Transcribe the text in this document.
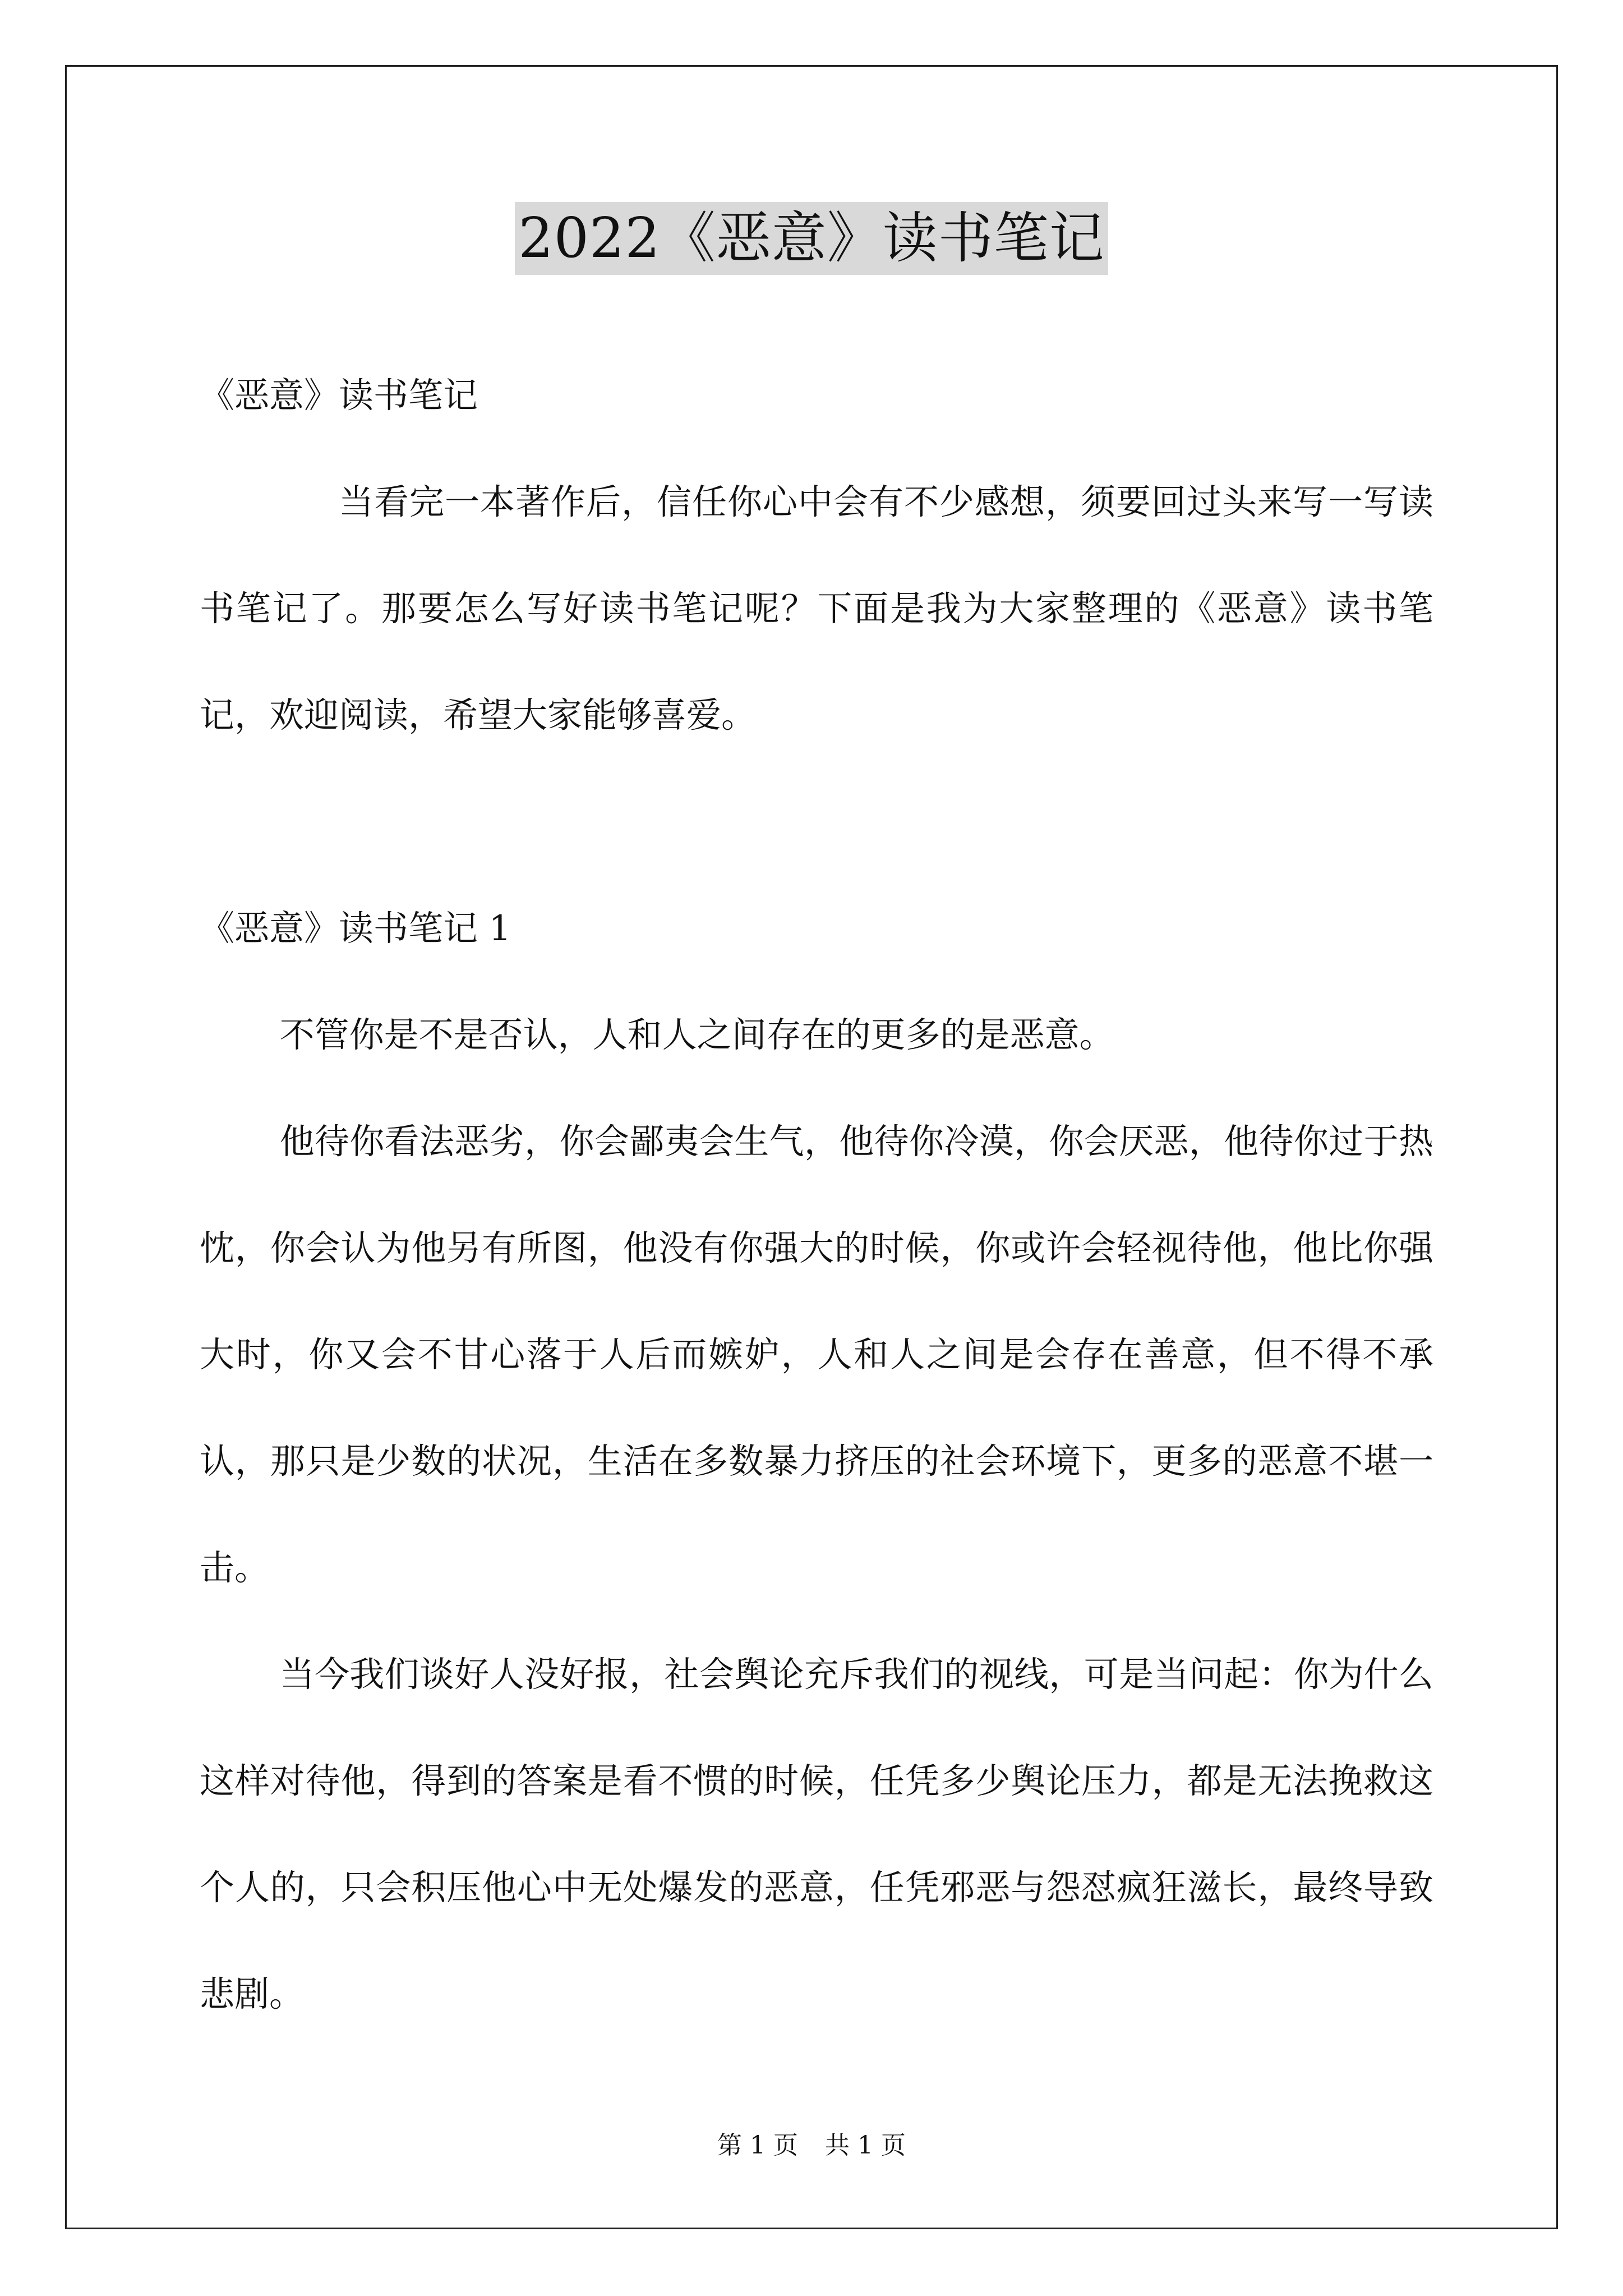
2022《恶意》读书笔记

《恶意》读书笔记

当看完一本著作后，信任你心中会有不少感想，须要回过头来写一写读书笔记了。那要怎么写好读书笔记呢？下面是我为大家整理的《恶意》读书笔记，欢迎阅读，希望大家能够喜爱。

《恶意》读书笔记 1

不管你是不是否认，人和人之间存在的更多的是恶意。

他待你看法恶劣，你会鄙夷会生气，他待你冷漠，你会厌恶，他待你过于热忱，你会认为他另有所图，他没有你强大的时候，你或许会轻视待他，他比你强大时，你又会不甘心落于人后而嫉妒，人和人之间是会存在善意，但不得不承认，那只是少数的状况，生活在多数暴力挤压的社会环境下，更多的恶意不堪一击。

当今我们谈好人没好报，社会舆论充斥我们的视线，可是当问起：你为什么这样对待他，得到的答案是看不惯的时候，任凭多少舆论压力，都是无法挽救这个人的，只会积压他心中无处爆发的恶意，任凭邪恶与怨怼疯狂滋长，最终导致悲剧。

第 1 页 共 1 页
